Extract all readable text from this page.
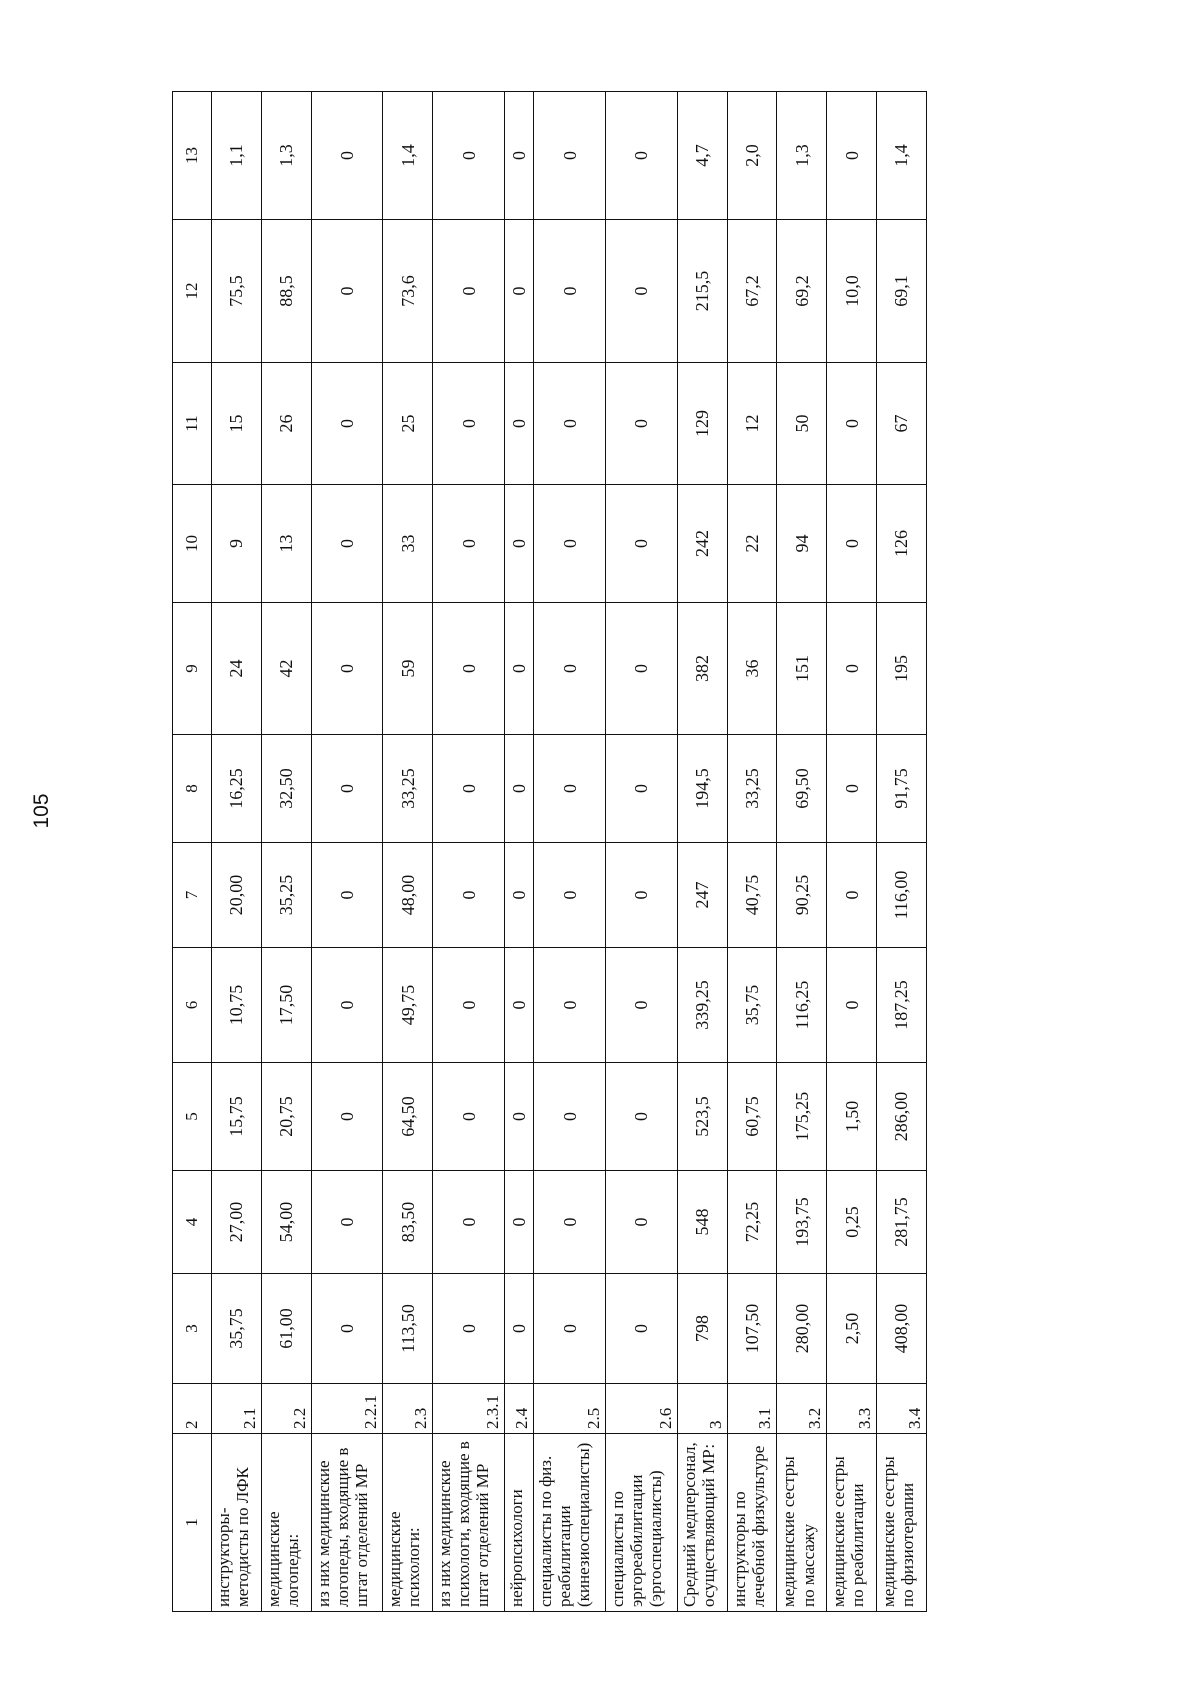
105
1	2	3	4	5	6	7	8	9	10	11	12	13
инструкторы- методисты по ЛФК	2.1	35,75	27,00	15,75	10,75	20,00	16,25	24	9	15	75,5	1,1
медицинские логопеды:	2.2	61,00	54,00	20,75	17,50	35,25	32,50	42	13	26	88,5	1,3
из них медицинские логопеды, входящие в штат отделений МР	2.2.1	0	0	0	0	0	0	0	0	0	0	0
медицинские психологи:	2.3	113,50	83,50	64,50	49,75	48,00	33,25	59	33	25	73,6	1,4
из них медицинские психологи, входящие в штат отделений МР	2.3.1	0	0	0	0	0	0	0	0	0	0	0
нейропсихологи	2.4	0	0	0	0	0	0	0	0	0	0	0
специалисты по физ. реабилитации (кинезиоспециалисты)	2.5	0	0	0	0	0	0	0	0	0	0	0
специалисты по эргореабилитации (эргоспециалисты)	2.6	0	0	0	0	0	0	0	0	0	0	0
Средний медперсонал, осуществляющий МР:	3	798	548	523,5	339,25	247	194,5	382	242	129	215,5	4,7
инструкторы по лечебной физкультуре	3.1	107,50	72,25	60,75	35,75	40,75	33,25	36	22	12	67,2	2,0
медицинские сестры по массажу	3.2	280,00	193,75	175,25	116,25	90,25	69,50	151	94	50	69,2	1,3
медицинские сестры по реабилитации	3.3	2,50	0,25	1,50	0	0	0	0	0	0	10,0	0
медицинские сестры по физиотерапии	3.4	408,00	281,75	286,00	187,25	116,00	91,75	195	126	67	69,1	1,4
